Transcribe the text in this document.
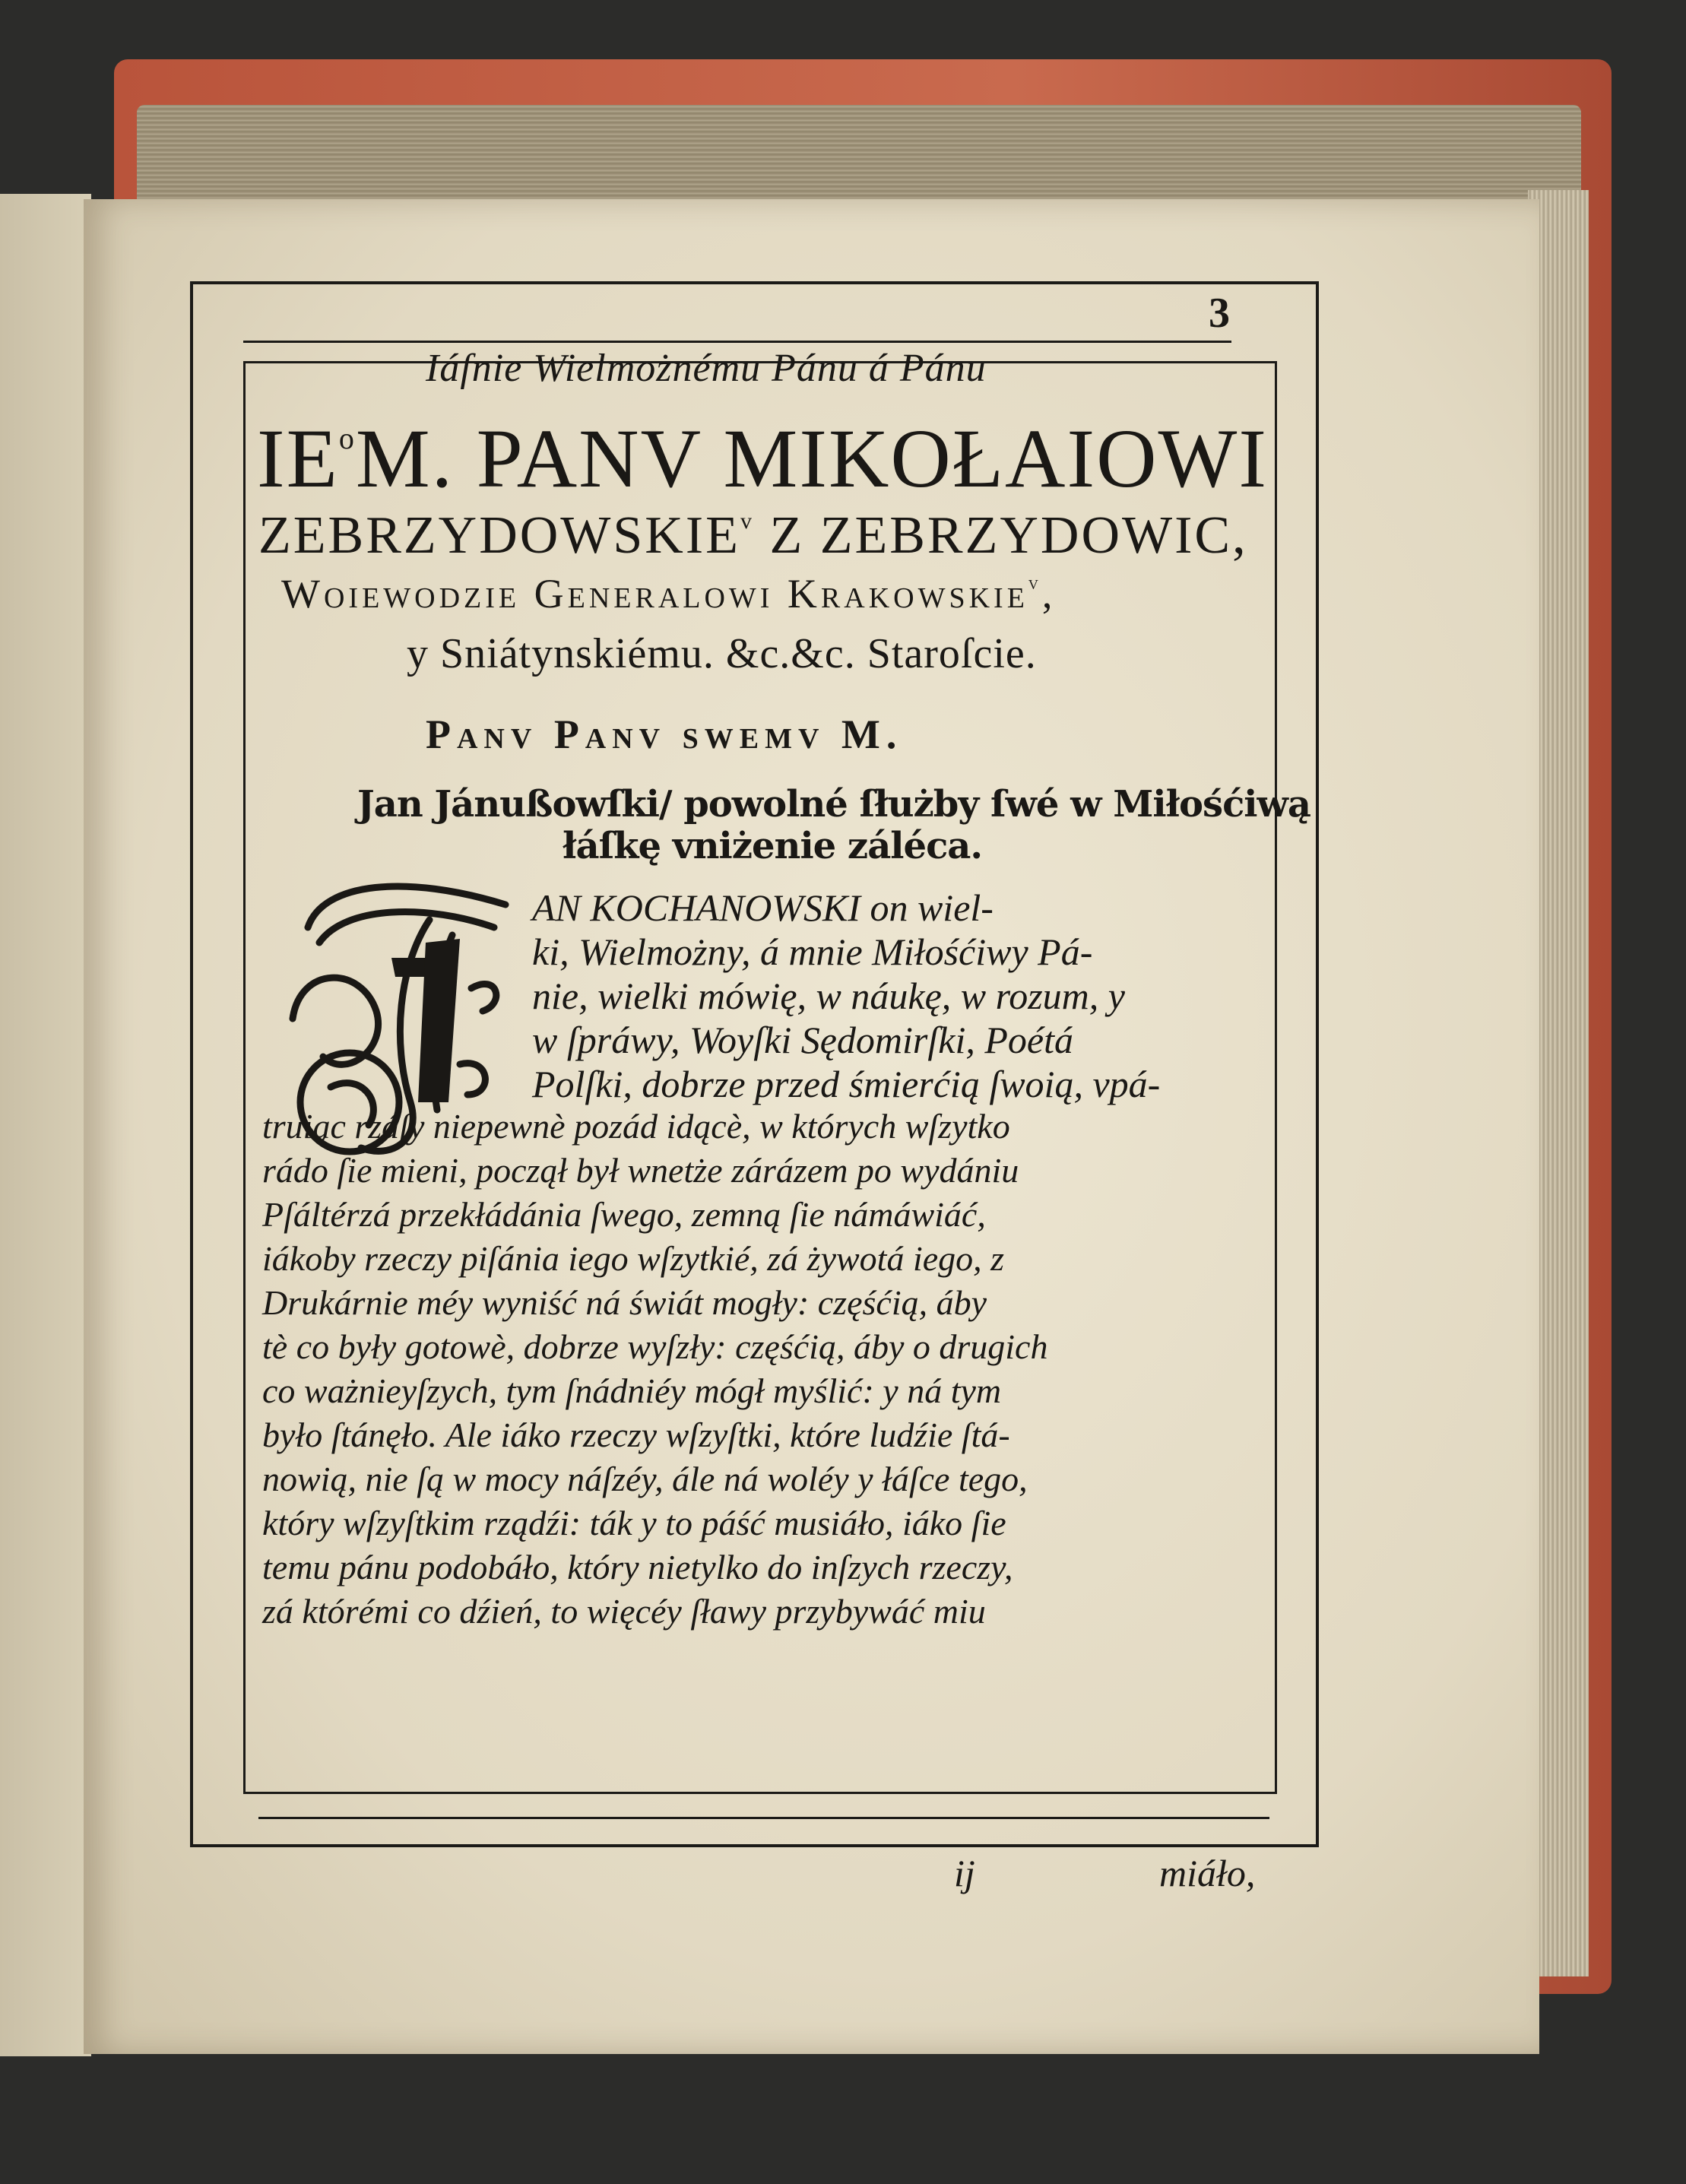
3
Iáſnie Wielmożnému Pánu á Pánu
$IE^oM$. PANV MIKOŁAIOWI
ZEBRZYDOWSKIE$^v$ Z ZEBRZYDOWIC,
Woiewodzie Generalowi Krakowskie$^v$,
y Sniátynskiému. &c.&c. Staroſcie.
Panv Panv swemv M.
Jan Jánußowſki/ powolné ſłużby ſwé w Miłośćiwą
łáſkę vniżenie záléca.
AN KOCHANOWSKI on wiel-
ki, Wielmożny, á mnie Miłośćiwy Pá-
nie, wielki mówię, w náukę, w rozum, y
w ſpráwy, Woyſki Sędomirſki, Poétá
Polſki, dobrze przed śmierćią ſwoią, vpá-
truiąc rzáſy niepewnè pozád idącè, w których wſzytko
rádo ſie mieni, począł był wnetże zárázem po wydániu
Pſáltérzá przekłádánia ſwego, zemną ſie námáwiáć,
iákoby rzeczy piſánia iego wſzytkié, zá żywotá iego, z
Drukárnie méy wyniść ná świát mogły: częśćią, áby
tè co były gotowè, dobrze wyſzły: częśćią, áby o drugich
co ważnieyſzych, tym ſnádniéy mógł myślić: y ná tym
było ſtánęło. Ale iáko rzeczy wſzyſtki, które ludźie ſtá-
nowią, nie ſą w mocy náſzéy, ále ná woléy y łáſce tego,
który wſzyſtkim rządźi: ták y to páść musiáło, iáko ſie
temu pánu podobáło, który nietylko do inſzych rzeczy,
zá którémi co dźień, to więcéy ſławy przybywáć miu
ij	miáło,
